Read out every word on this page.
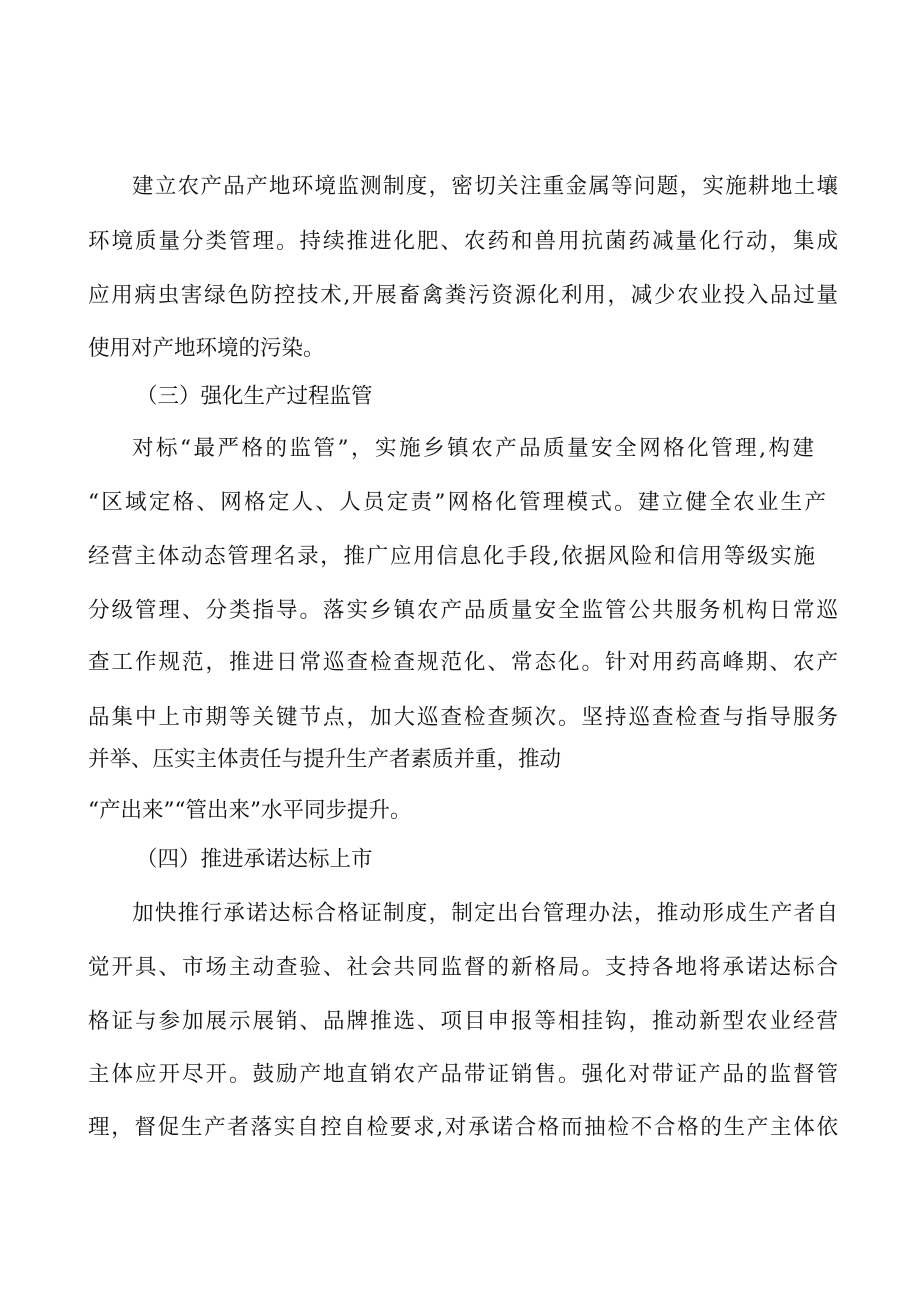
建立农产品产地环境监测制度，密切关注重金属等问题，实施耕地土壤

环境质量分类管理。持续推进化肥、农药和兽用抗菌药减量化行动，集成

应用病虫害绿色防控技术,开展畜禽粪污资源化利用，减少农业投入品过量

使用对产地环境的污染。

（三）强化生产过程监管

对标“最严格的监管”，实施乡镇农产品质量安全网格化管理,构建

“区域定格、网格定人、人员定责”网格化管理模式。建立健全农业生产

经营主体动态管理名录，推广应用信息化手段,依据风险和信用等级实施

分级管理、分类指导。落实乡镇农产品质量安全监管公共服务机构日常巡

查工作规范，推进日常巡查检查规范化、常态化。针对用药高峰期、农产

品集中上市期等关键节点，加大巡查检查频次。坚持巡查检查与指导服务

并举、压实主体责任与提升生产者素质并重，推动

“产出来”“管出来”水平同步提升。

（四）推进承诺达标上市

加快推行承诺达标合格证制度，制定出台管理办法，推动形成生产者自

觉开具、市场主动查验、社会共同监督的新格局。支持各地将承诺达标合

格证与参加展示展销、品牌推选、项目申报等相挂钩，推动新型农业经营

主体应开尽开。鼓励产地直销农产品带证销售。强化对带证产品的监督管

理，督促生产者落实自控自检要求,对承诺合格而抽检不合格的生产主体依
